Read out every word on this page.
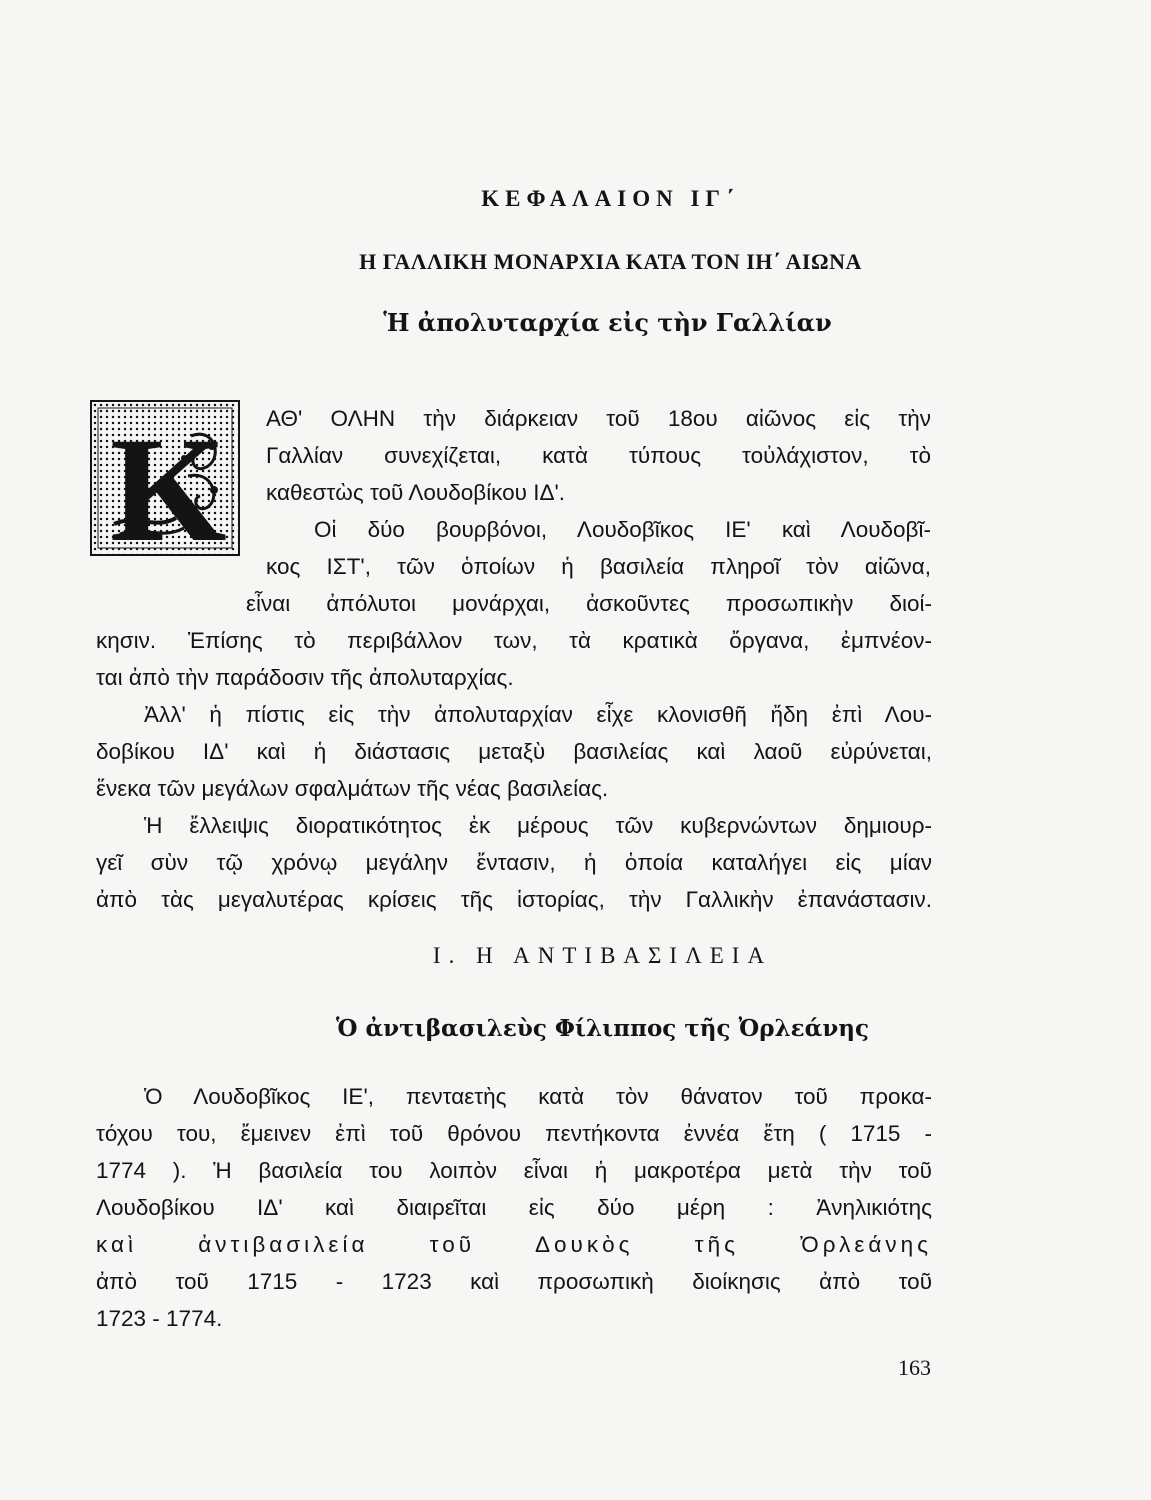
ΚΕΦΑΛΑΙΟΝ ΙΓ΄
Η ΓΑΛΛΙΚΗ ΜΟΝΑΡΧΙΑ ΚΑΤΑ ΤΟΝ ΙΗ΄ ΑΙΩΝΑ
Ἡ ἀπολυταρχία εἰς τὴν Γαλλίαν
K ΑΘ' ΟΛΗΝ τὴν διάρκειαν τοῦ 18ου αἰῶνος εἰς τὴν
Γαλλίαν συνεχίζεται, κατὰ τύπους τοὐλάχιστον, τὸ
καθεστὼς τοῦ Λουδοβίκου ΙΔ'.
Οἱ δύο βουρβόνοι, Λουδοβῖκος ΙΕ' καὶ Λουδοβῖ-
κος ΙΣΤ', τῶν ὁποίων ἡ βασιλεία πληροῖ τὸν αἰῶνα,
εἶναι ἀπόλυτοι μονάρχαι, ἀσκοῦντες προσωπικὴν διοί-
κησιν. Ἐπίσης τὸ περιβάλλον των, τὰ κρατικὰ ὄργανα, ἐμπνέον-
ται ἀπὸ τὴν παράδοσιν τῆς ἀπολυταρχίας.
Ἀλλ' ἡ πίστις εἰς τὴν ἀπολυταρχίαν εἶχε κλονισθῆ ἤδη ἐπὶ Λου-
δοβίκου ΙΔ' καὶ ἡ διάστασις μεταξὺ βασιλείας καὶ λαοῦ εὐρύνεται,
ἕνεκα τῶν μεγάλων σφαλμάτων τῆς νέας βασιλείας.
Ἡ ἔλλειψις διορατικότητος ἐκ μέρους τῶν κυβερνώντων δημιουρ-
γεῖ σὺν τῷ χρόνῳ μεγάλην ἔντασιν, ἡ ὁποία καταλήγει εἰς μίαν
ἀπὸ τὰς μεγαλυτέρας κρίσεις τῆς ἱστορίας, τὴν Γαλλικὴν ἐπανάστασιν.
Ι. Η ΑΝΤΙΒΑΣΙΛΕΙΑ
Ὁ ἀντιβασιλεὺς Φίλιππος τῆς Ὀρλεάνης
Ὁ Λουδοβῖκος ΙΕ', πενταετὴς κατὰ τὸν θάνατον τοῦ προκα-
τόχου του, ἔμεινεν ἐπὶ τοῦ θρόνου πεντήκοντα ἐννέα ἔτη ( 1715 -
1774 ). Ἡ βασιλεία του λοιπὸν εἶναι ἡ μακροτέρα μετὰ τὴν τοῦ
Λουδοβίκου ΙΔ' καὶ διαιρεῖται εἰς δύο μέρη : Ἀνηλικιότης
καὶ ἀντιβασιλεία τοῦ Δουκὸς τῆς Ὀρλεάνης
ἀπὸ τοῦ 1715 - 1723 καὶ προσωπικὴ διοίκησις ἀπὸ τοῦ
1723 - 1774.
163
